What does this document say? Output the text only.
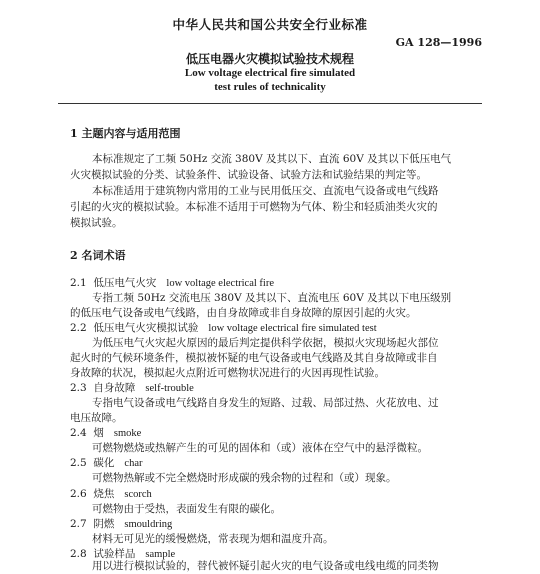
中华人民共和国公共安全行业标准
GA 128—1996
低压电器火灾模拟试验技术规程
Low voltage electrical fire simulated
test rules of technicality
1 主题内容与适用范围
本标准规定了工频 50Hz 交流 380V 及其以下、直流 60V 及其以下低压电气
火灾模拟试验的分类、试验条件、试验设备、试验方法和试验结果的判定等。
本标准适用于建筑物内常用的工业与民用低压交、直流电气设备或电气线路
引起的火灾的模拟试验。本标准不适用于可燃物为气体、粉尘和轻质油类火灾的
模拟试验。
2 名词术语
2.1 低压电气火灾 low voltage electrical fire
专指工频 50Hz 交流电压 380V 及其以下、直流电压 60V 及其以下电压级别
的低压电气设备或电气线路，由自身故障或非自身故障的原因引起的火灾。
2.2 低压电气火灾模拟试验 low voltage electrical fire simulated test
为低压电气火灾起火原因的最后判定提供科学依据，模拟火灾现场起火部位
起火时的气候环境条件，模拟被怀疑的电气设备或电气线路及其自身故障或非自
身故障的状况，模拟起火点附近可燃物状况进行的火因再现性试验。
2.3 自身故障 self-trouble
专指电气设备或电气线路自身发生的短路、过载、局部过热、火花放电、过
电压故障。
2.4 烟 smoke
可燃物燃烧或热解产生的可见的固体和（或）液体在空气中的悬浮微粒。
2.5 碳化 char
可燃物热解或不完全燃烧时形成碳的残余物的过程和（或）现象。
2.6 烧焦 scorch
可燃物由于受热，表面发生有限的碳化。
2.7 阴燃 smouldring
材料无可见光的缓慢燃烧，常表现为烟和温度升高。
2.8 试验样品 sample
用以进行模拟试验的，替代被怀疑引起火灾的电气设备或电线电缆的同类物
